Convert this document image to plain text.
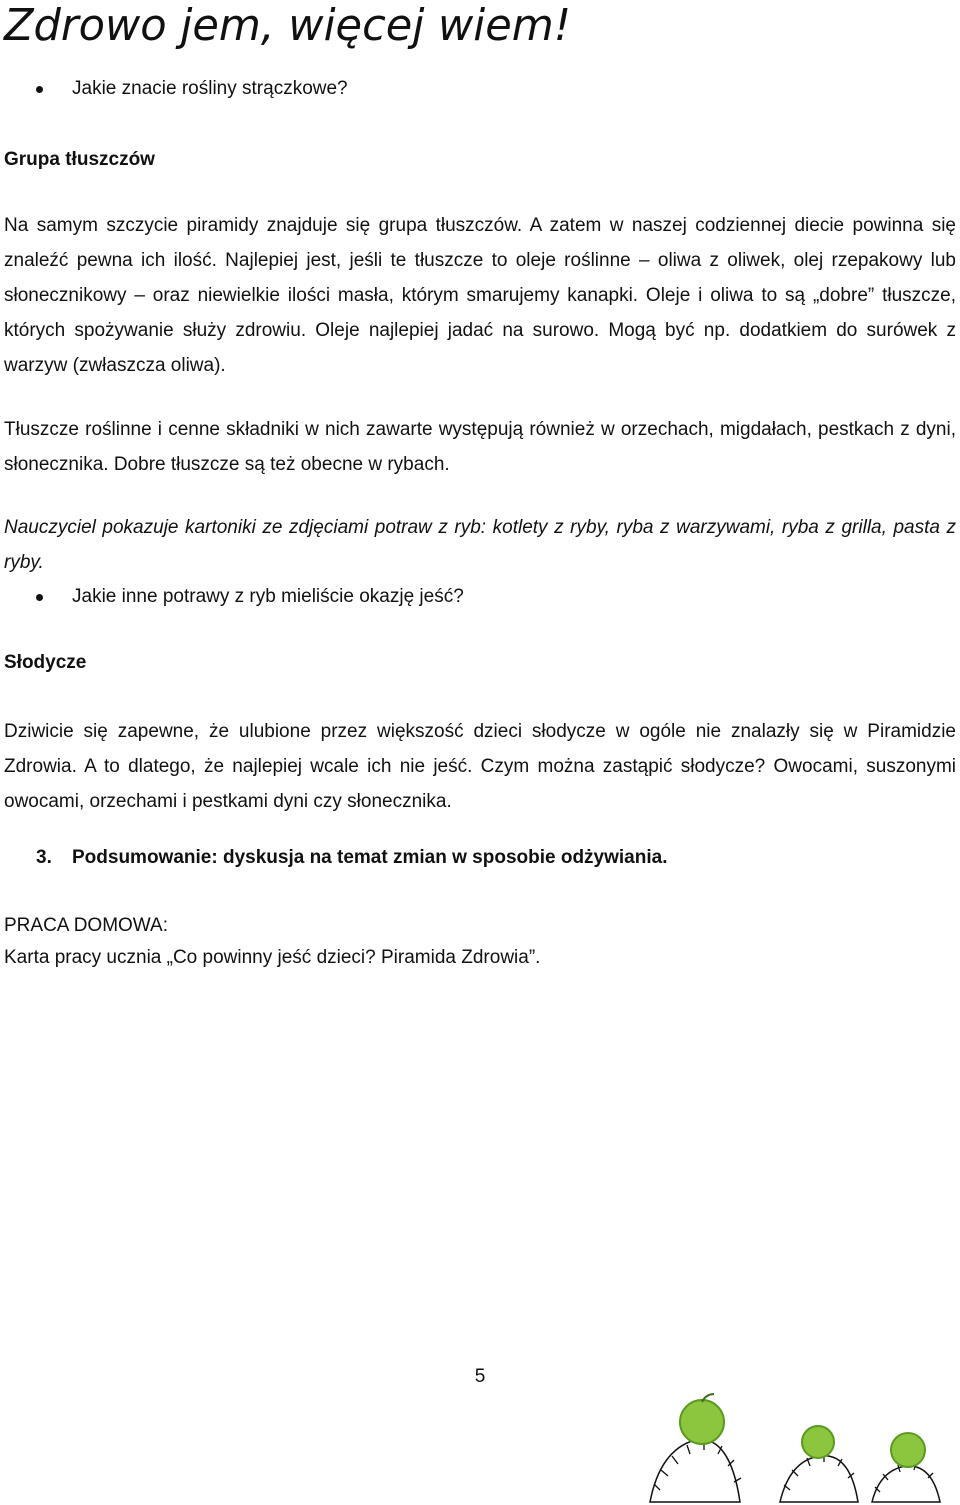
Zdrowo jem, więcej wiem!
Jakie znacie rośliny strączkowe?
Grupa tłuszczów

Na samym szczycie piramidy znajduje się grupa tłuszczów. A zatem w naszej codziennej diecie powinna się znaleźć pewna ich ilość. Najlepiej jest, jeśli te tłuszcze to oleje roślinne – oliwa z oliwek, olej rzepakowy lub słonecznikowy – oraz niewielkie ilości masła, którym smarujemy kanapki. Oleje i oliwa to są „dobre” tłuszcze, których spożywanie służy zdrowiu. Oleje najlepiej jadać na surowo. Mogą być np. dodatkiem do surówek z warzyw (zwłaszcza oliwa).

Tłuszcze roślinne i cenne składniki w nich zawarte występują również w orzechach, migdałach, pestkach z dyni, słonecznika. Dobre tłuszcze są też obecne w rybach.

Nauczyciel pokazuje kartoniki ze zdjęciami potraw z ryb: kotlety z ryby, ryba z warzywami, ryba z grilla, pasta z ryby.

Jakie inne potrawy z ryb mieliście okazję jeść?
Słodycze

Dziwicie się zapewne, że ulubione przez większość dzieci słodycze w ogóle nie znalazły się w Piramidzie Zdrowia. A to dlatego, że najlepiej wcale ich nie jeść. Czym można zastąpić słodycze? Owocami, suszonymi owocami, orzechami i pestkami dyni czy słonecznika.

3. Podsumowanie: dyskusja na temat zmian w sposobie odżywiania.
PRACA DOMOWA:
Karta pracy ucznia „Co powinny jeść dzieci? Piramida Zdrowia”.
5
